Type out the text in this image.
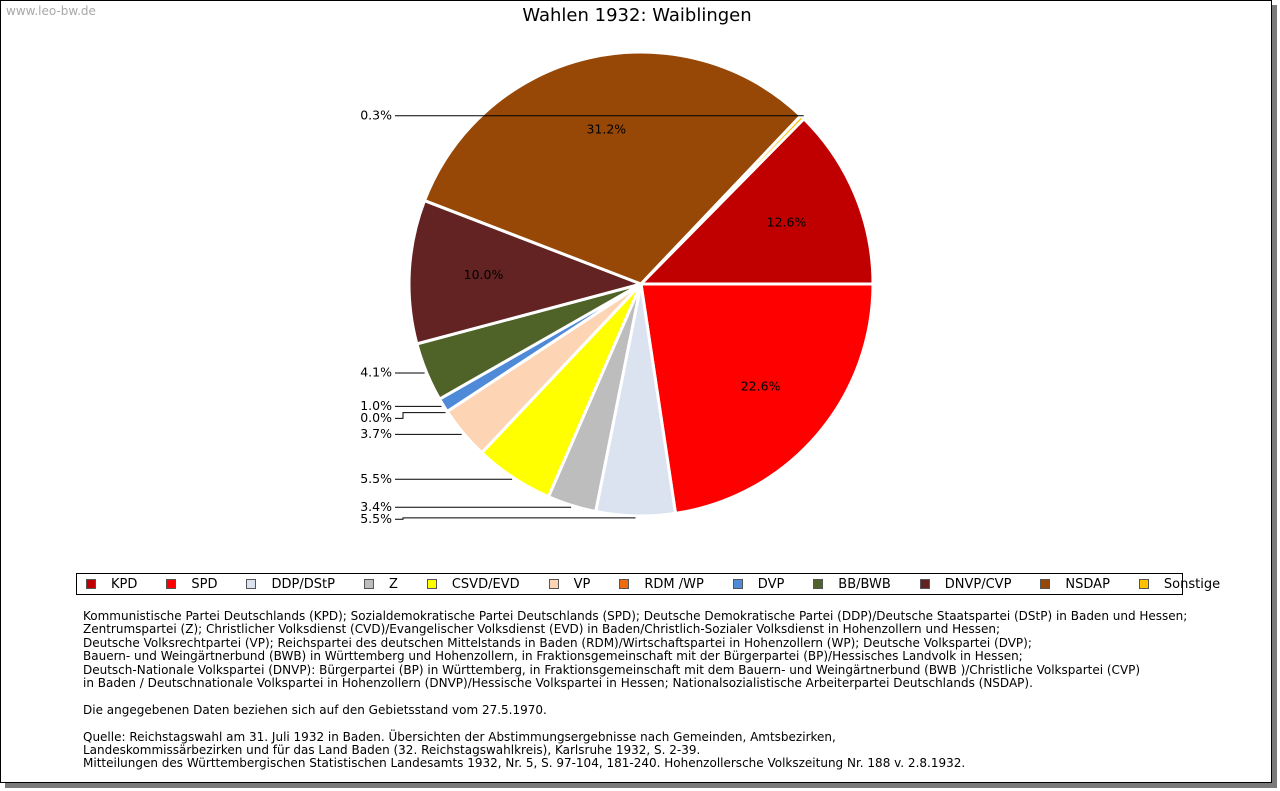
www.leo-bw.de	Wahlen 1932: Waiblingen
12.6%
22.6%
10.0%
31.2%
0.3%
4.1%
1.0%
0.0%
3.7%
5.5%
3.4%
5.5%
KPD	SPD	DDP/DStP	Z	CSVD/EVD	VP	RDM /WP	DVP	BB/BWB	DNVP/CVP	NSDAP	Sonstige

Kommunistische Partei Deutschlands (KPD); Sozialdemokratische Partei Deutschlands (SPD); Deutsche Demokratische Partei (DDP)/Deutsche Staatspartei (DStP) in Baden und Hessen;
Zentrumspartei (Z); Christlicher Volksdienst (CVD)/Evangelischer Volksdienst (EVD) in Baden/Christlich-Sozialer Volksdienst in Hohenzollern und Hessen;
Deutsche Volksrechtpartei (VP); Reichspartei des deutschen Mittelstands in Baden (RDM)/Wirtschaftspartei in Hohenzollern (WP); Deutsche Volkspartei (DVP);
Bauern- und Weingärtnerbund (BWB) in Württemberg und Hohenzollern, in Fraktionsgemeinschaft mit der Bürgerpartei (BP)/Hessisches Landvolk in Hessen;
Deutsch-Nationale Volkspartei (DNVP): Bürgerpartei (BP) in Württemberg, in Fraktionsgemeinschaft mit dem Bauern- und Weingärtnerbund (BWB )/Christliche Volkspartei (CVP)
in Baden / Deutschnationale Volkspartei in Hohenzollern (DNVP)/Hessische Volkspartei in Hessen; Nationalsozialistische Arbeiterpartei Deutschlands (NSDAP).

Die angegebenen Daten beziehen sich auf den Gebietsstand vom 27.5.1970.

Quelle: Reichstagswahl am 31. Juli 1932 in Baden. Übersichten der Abstimmungsergebnisse nach Gemeinden, Amtsbezirken,
Landeskommissärbezirken und für das Land Baden (32. Reichstagswahlkreis), Karlsruhe 1932, S. 2-39.
Mitteilungen des Württembergischen Statistischen Landesamts 1932, Nr. 5, S. 97-104, 181-240. Hohenzollersche Volkszeitung Nr. 188 v. 2.8.1932.
